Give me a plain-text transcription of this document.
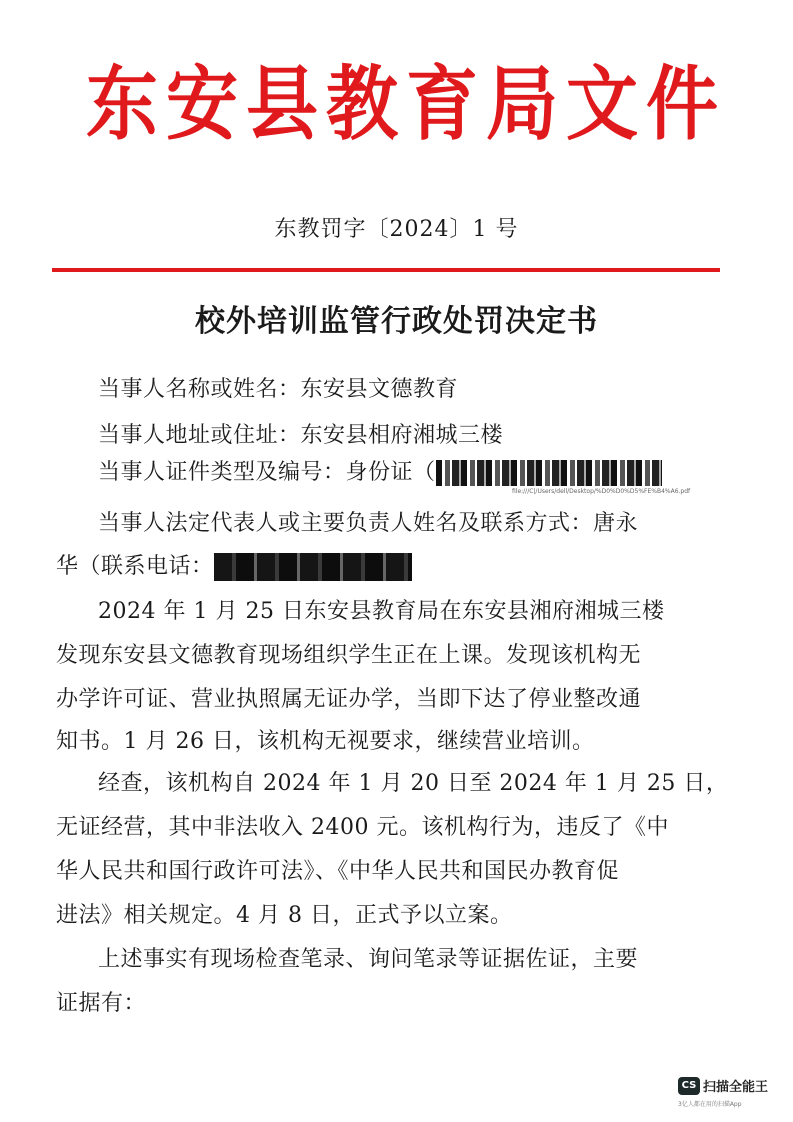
东安县教育局文件
东教罚字〔2024〕1 号
校外培训监管行政处罚决定书
当事人名称或姓名：东安县文德教育
当事人地址或住址：东安县相府湘城三楼
当事人证件类型及编号：身份证（
file:///C|/Users/dell/Desktop/%D0%D0%D5%FE%B4%A6.pdf
当事人法定代表人或主要负责人姓名及联系方式：唐永
华（联系电话：
2024 年 1 月 25 日东安县教育局在东安县湘府湘城三楼
发现东安县文德教育现场组织学生正在上课。发现该机构无
办学许可证、营业执照属无证办学，当即下达了停业整改通
知书。1 月 26 日，该机构无视要求，继续营业培训。
经查，该机构自 2024 年 1 月 20 日至 2024 年 1 月 25 日，
无证经营，其中非法收入 2400 元。该机构行为，违反了《中
华人民共和国行政许可法》、《中华人民共和国民办教育促
进法》相关规定。4 月 8 日，正式予以立案。
上述事实有现场检查笔录、询问笔录等证据佐证，主要
证据有：
CS 扫描全能王
3亿人都在用的扫描App
